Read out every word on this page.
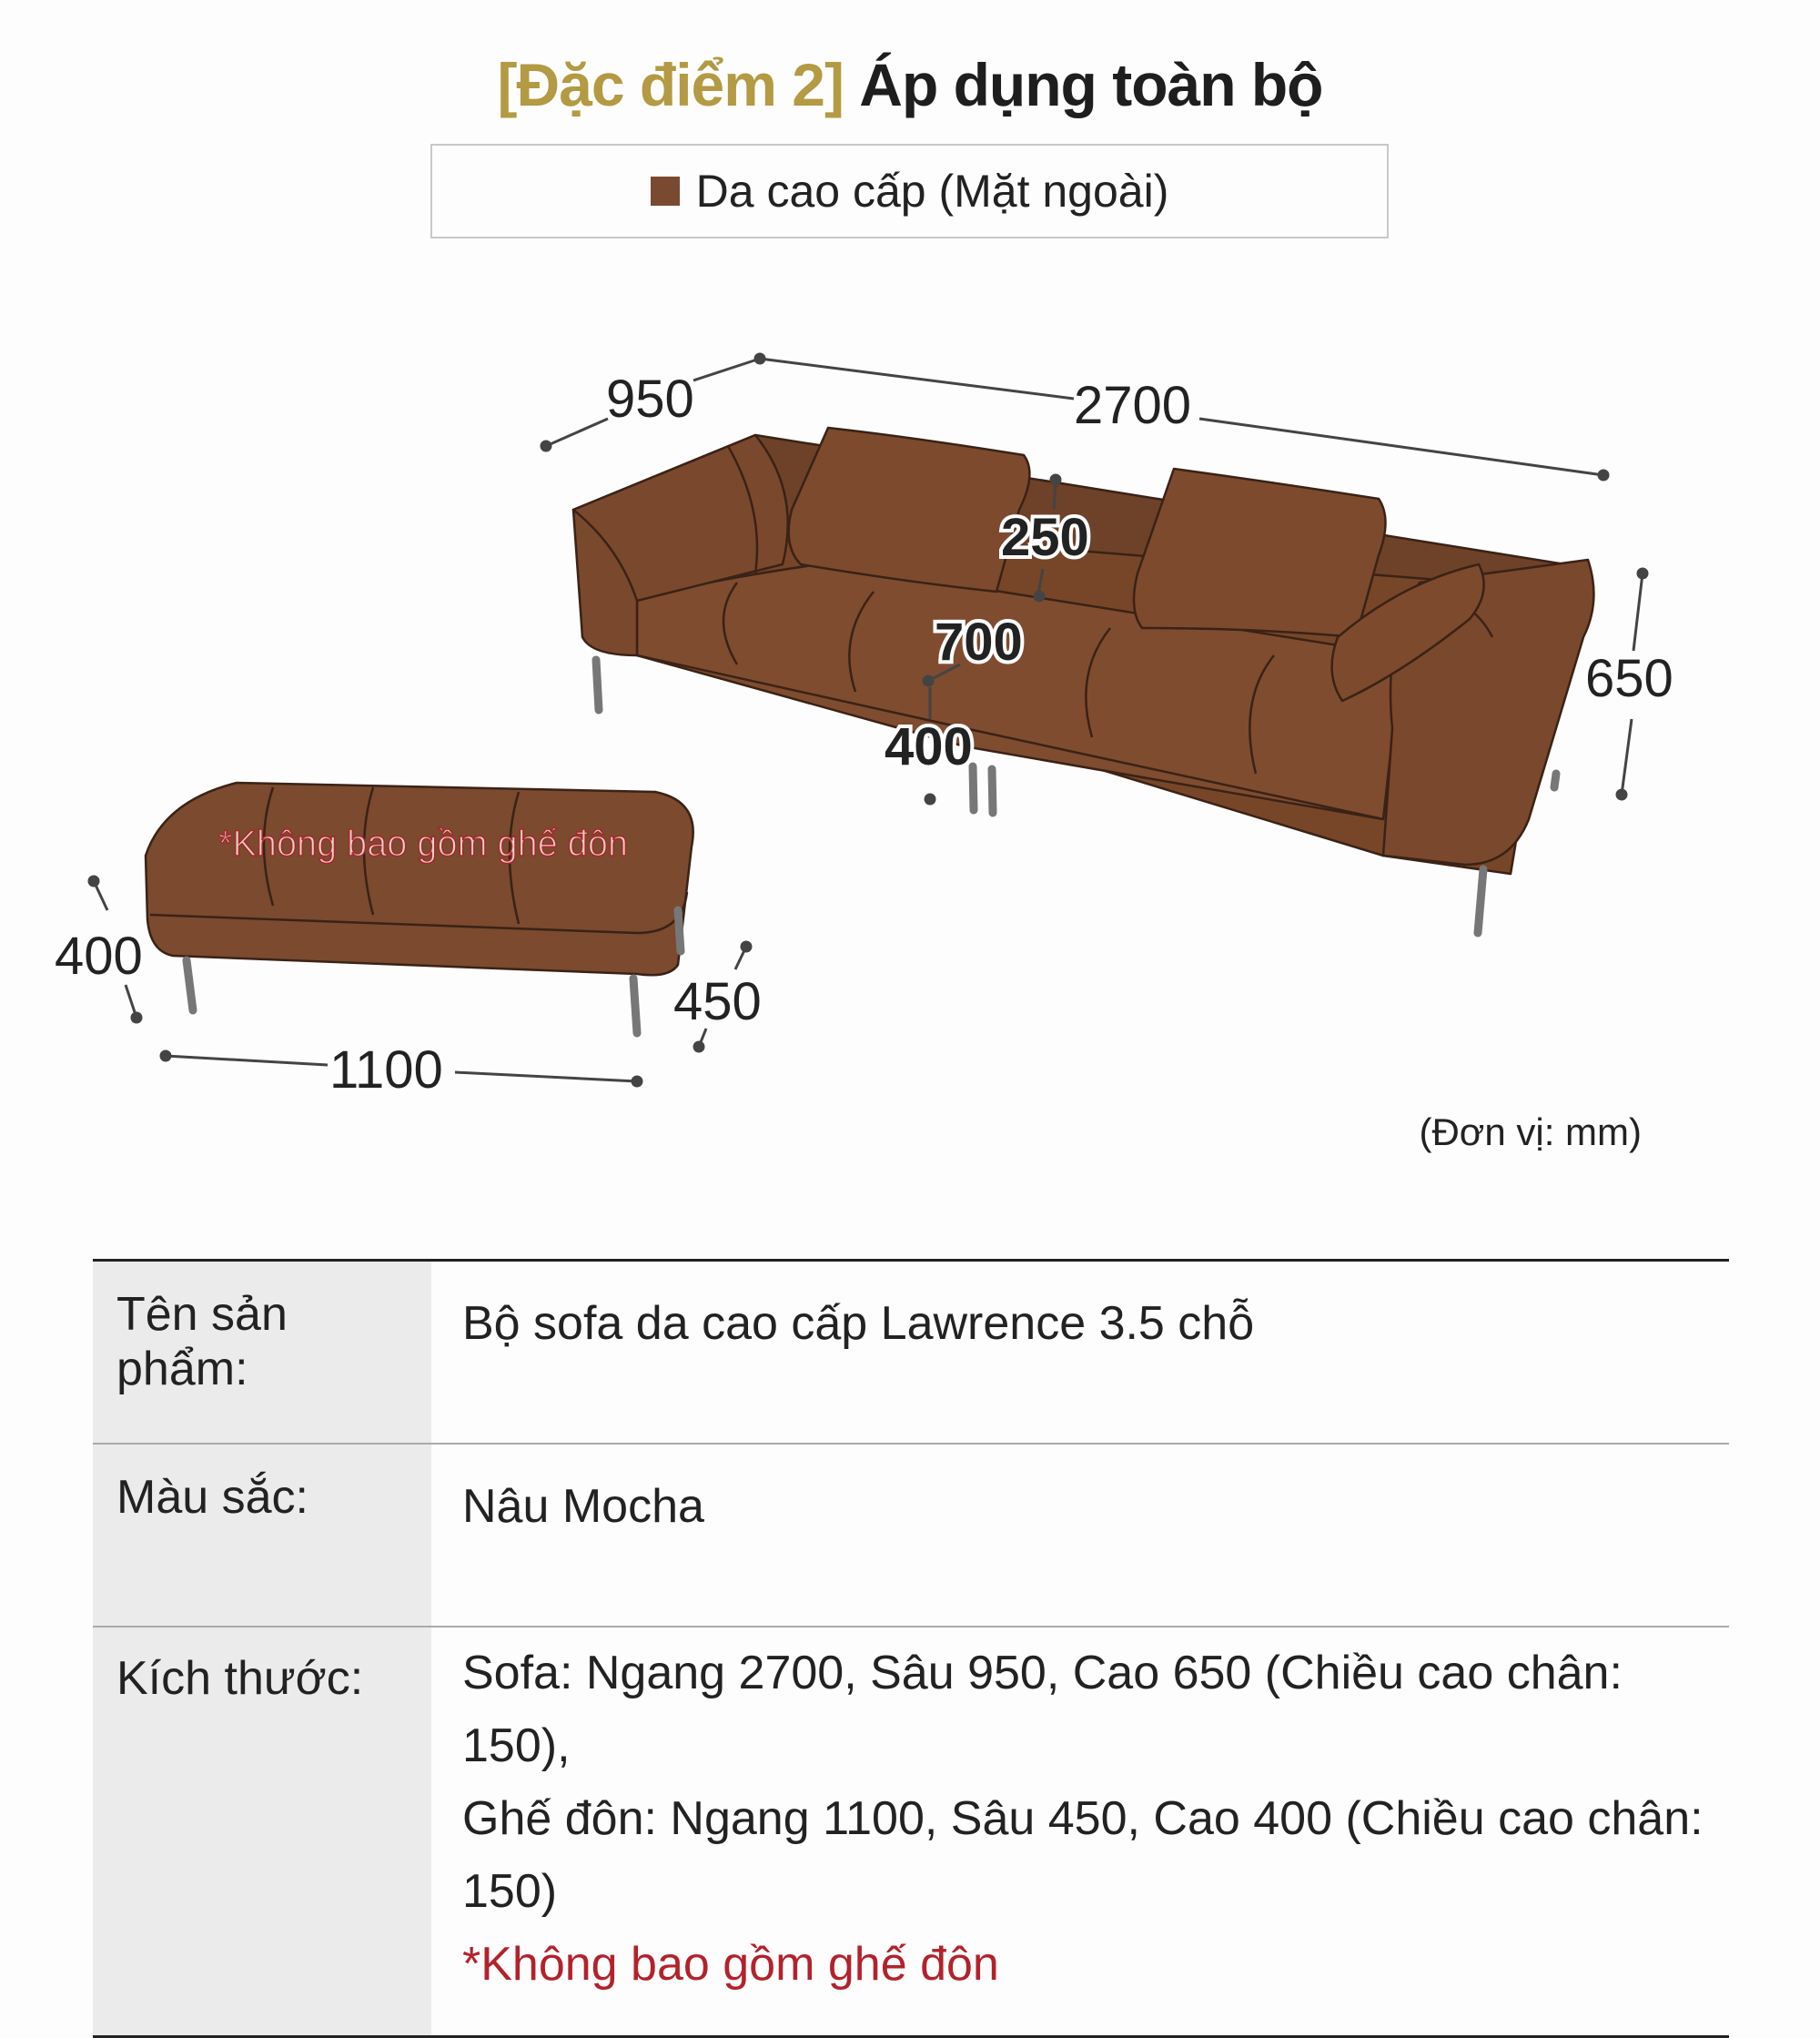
[Đặc điểm 2] Áp dụng toàn bộ
Da cao cấp (Mặt ngoài)
950	2700
250
700
400
650
400
450
1100
*Không bao gồm ghế đôn
(Đơn vị: mm)
Tên sản phẩm:	Bộ sofa da cao cấp Lawrence 3.5 chỗ
Màu sắc:	Nâu Mocha
Kích thước:	Sofa: Ngang 2700, Sâu 950, Cao 650 (Chiều cao chân: 150),
Ghế đôn: Ngang 1100, Sâu 450, Cao 400 (Chiều cao chân: 150)
*Không bao gồm ghế đôn
